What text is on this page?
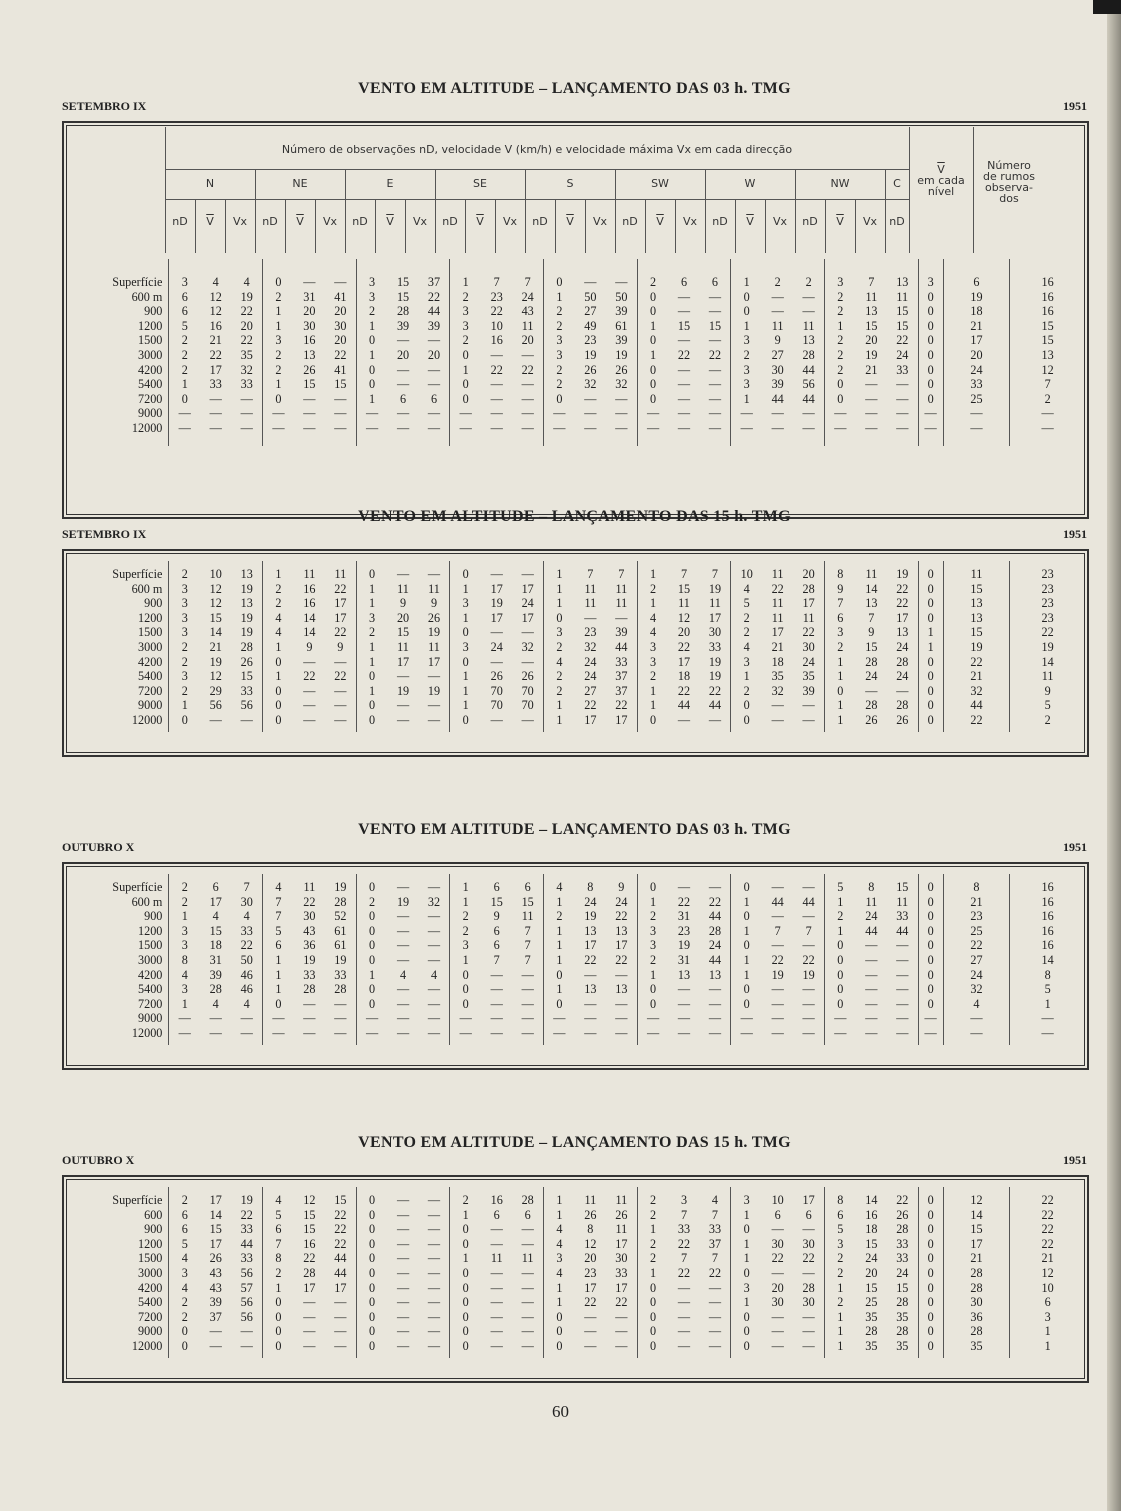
VENTO EM ALTITUDE – LANÇAMENTO DAS 03 h. TMG
SETEMBRO IX	1951
Número de observações nD, velocidade V (km/h) e velocidade máxima Vx em cada direcção
N
nD	$\overline{V}$	Vx
NE
nD	$\overline{V}$	Vx
E
nD	$\overline{V}$	Vx
SE
nD	$\overline{V}$	Vx
S
nD	$\overline{V}$	Vx
SW
nD	$\overline{V}$	Vx
W
nD	$\overline{V}$	Vx
NW
nD	$\overline{V}$	Vx
C
nD
$\overline{V}$
em cada
nível
Número
de rumos
observa-
dos

Superfície	3	4	4	0	—	—	3	15	37	1	7	7	0	—	—	2	6	6	1	2	2	3	7	13	3	6	16
600 m	6	12	19	2	31	41	3	15	22	2	23	24	1	50	50	0	—	—	0	—	—	2	11	11	0	19	16
900	6	12	22	1	20	20	2	28	44	3	22	43	2	27	39	0	—	—	0	—	—	2	13	15	0	18	16
1200	5	16	20	1	30	30	1	39	39	3	10	11	2	49	61	1	15	15	1	11	11	1	15	15	0	21	15
1500	2	21	22	3	16	20	0	—	—	2	16	20	3	23	39	0	—	—	3	9	13	2	20	22	0	17	15
3000	2	22	35	2	13	22	1	20	20	0	—	—	3	19	19	1	22	22	2	27	28	2	19	24	0	20	13
4200	2	17	32	2	26	41	0	—	—	1	22	22	2	26	26	0	—	—	3	30	44	2	21	33	0	24	12
5400	1	33	33	1	15	15	0	—	—	0	—	—	2	32	32	0	—	—	3	39	56	0	—	—	0	33	7
7200	0	—	—	0	—	—	1	6	6	0	—	—	0	—	—	0	—	—	1	44	44	0	—	—	0	25	2
9000	—	—	—	—	—	—	—	—	—	—	—	—	—	—	—	—	—	—	—	—	—	—	—	—	—	—	—
12000	—	—	—	—	—	—	—	—	—	—	—	—	—	—	—	—	—	—	—	—	—	—	—	—	—	—	—

VENTO EM ALTITUDE – LANÇAMENTO DAS 15 h. TMG
SETEMBRO IX	1951

Superfície	2	10	13	1	11	11	0	—	—	0	—	—	1	7	7	1	7	7	10	11	20	8	11	19	0	11	23
600 m	3	12	19	2	16	22	1	11	11	1	17	17	1	11	11	2	15	19	4	22	28	9	14	22	0	15	23
900	3	12	13	2	16	17	1	9	9	3	19	24	1	11	11	1	11	11	5	11	17	7	13	22	0	13	23
1200	3	15	19	4	14	17	3	20	26	1	17	17	0	—	—	4	12	17	2	11	11	6	7	17	0	13	23
1500	3	14	19	4	14	22	2	15	19	0	—	—	3	23	39	4	20	30	2	17	22	3	9	13	1	15	22
3000	2	21	28	1	9	9	1	11	11	3	24	32	2	32	44	3	22	33	4	21	30	2	15	24	1	19	19
4200	2	19	26	0	—	—	1	17	17	0	—	—	4	24	33	3	17	19	3	18	24	1	28	28	0	22	14
5400	3	12	15	1	22	22	0	—	—	1	26	26	2	24	37	2	18	19	1	35	35	1	24	24	0	21	11
7200	2	29	33	0	—	—	1	19	19	1	70	70	2	27	37	1	22	22	2	32	39	0	—	—	0	32	9
9000	1	56	56	0	—	—	0	—	—	1	70	70	1	22	22	1	44	44	0	—	—	1	28	28	0	44	5
12000	0	—	—	0	—	—	0	—	—	0	—	—	1	17	17	0	—	—	0	—	—	1	26	26	0	22	2

VENTO EM ALTITUDE – LANÇAMENTO DAS 03 h. TMG
OUTUBRO X	1951

Superfície	2	6	7	4	11	19	0	—	—	1	6	6	4	8	9	0	—	—	0	—	—	5	8	15	0	8	16
600 m	2	17	30	7	22	28	2	19	32	1	15	15	1	24	24	1	22	22	1	44	44	1	11	11	0	21	16
900	1	4	4	7	30	52	0	—	—	2	9	11	2	19	22	2	31	44	0	—	—	2	24	33	0	23	16
1200	3	15	33	5	43	61	0	—	—	2	6	7	1	13	13	3	23	28	1	7	7	1	44	44	0	25	16
1500	3	18	22	6	36	61	0	—	—	3	6	7	1	17	17	3	19	24	0	—	—	0	—	—	0	22	16
3000	8	31	50	1	19	19	0	—	—	1	7	7	1	22	22	2	31	44	1	22	22	0	—	—	0	27	14
4200	4	39	46	1	33	33	1	4	4	0	—	—	0	—	—	1	13	13	1	19	19	0	—	—	0	24	8
5400	3	28	46	1	28	28	0	—	—	0	—	—	1	13	13	0	—	—	0	—	—	0	—	—	0	32	5
7200	1	4	4	0	—	—	0	—	—	0	—	—	0	—	—	0	—	—	0	—	—	0	—	—	0	4	1
9000	—	—	—	—	—	—	—	—	—	—	—	—	—	—	—	—	—	—	—	—	—	—	—	—	—	—	—
12000	—	—	—	—	—	—	—	—	—	—	—	—	—	—	—	—	—	—	—	—	—	—	—	—	—	—	—

VENTO EM ALTITUDE – LANÇAMENTO DAS 15 h. TMG
OUTUBRO X	1951

Superfície	2	17	19	4	12	15	0	—	—	2	16	28	1	11	11	2	3	4	3	10	17	8	14	22	0	12	22
600	6	14	22	5	15	22	0	—	—	1	6	6	1	26	26	2	7	7	1	6	6	6	16	26	0	14	22
900	6	15	33	6	15	22	0	—	—	0	—	—	4	8	11	1	33	33	0	—	—	5	18	28	0	15	22
1200	5	17	44	7	16	22	0	—	—	0	—	—	4	12	17	2	22	37	1	30	30	3	15	33	0	17	22
1500	4	26	33	8	22	44	0	—	—	1	11	11	3	20	30	2	7	7	1	22	22	2	24	33	0	21	21
3000	3	43	56	2	28	44	0	—	—	0	—	—	4	23	33	1	22	22	0	—	—	2	20	24	0	28	12
4200	4	43	57	1	17	17	0	—	—	0	—	—	1	17	17	0	—	—	3	20	28	1	15	15	0	28	10
5400	2	39	56	0	—	—	0	—	—	0	—	—	1	22	22	0	—	—	1	30	30	2	25	28	0	30	6
7200	2	37	56	0	—	—	0	—	—	0	—	—	0	—	—	0	—	—	0	—	—	1	35	35	0	36	3
9000	0	—	—	0	—	—	0	—	—	0	—	—	0	—	—	0	—	—	0	—	—	1	28	28	0	28	1
12000	0	—	—	0	—	—	0	—	—	0	—	—	0	—	—	0	—	—	0	—	—	1	35	35	0	35	1

60
